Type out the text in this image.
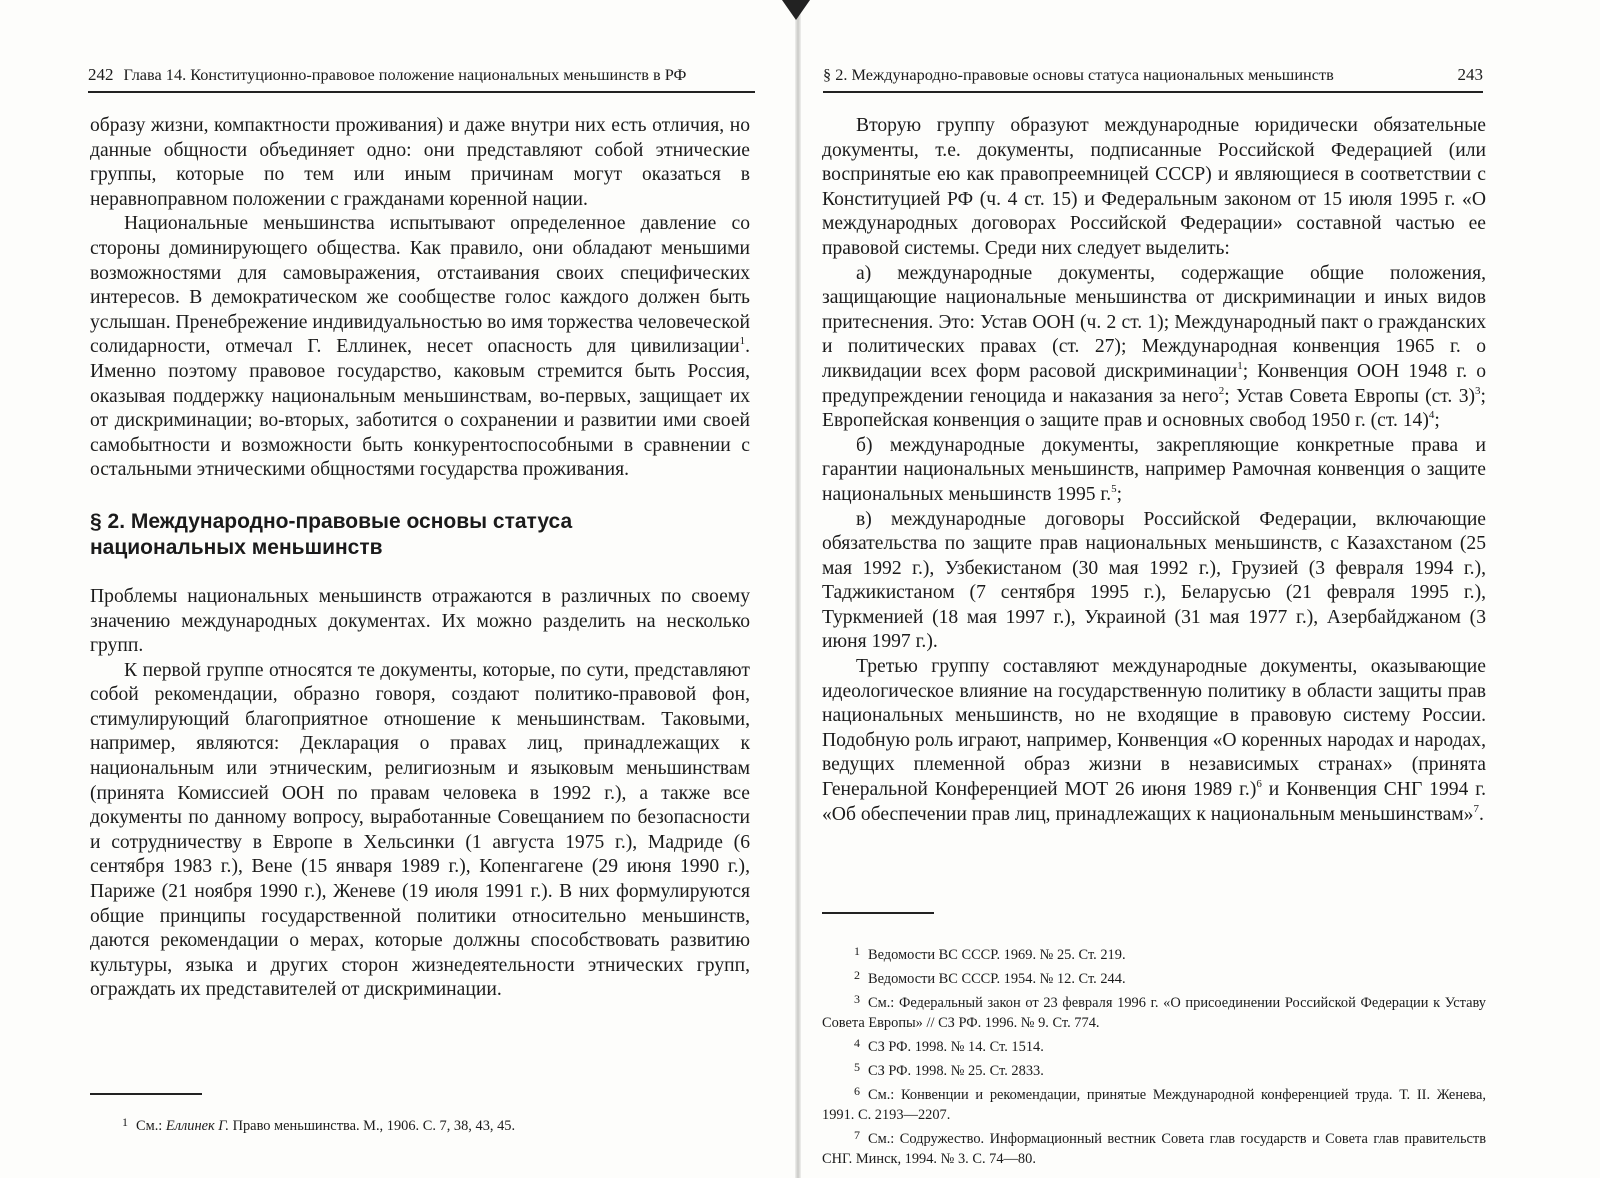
242 Глава 14. Конституционно-правовое положение национальных меньшинств в РФ

образу жизни, компактности проживания) и даже внутри них есть отличия, но данные общности объединяет одно: они представляют собой этнические группы, которые по тем или иным причинам могут оказаться в неравноправном положении с гражданами коренной нации.

Национальные меньшинства испытывают определенное давление со стороны доминирующего общества. Как правило, они обладают меньшими возможностями для самовыражения, отстаивания своих специфических интересов. В демократическом же сообществе голос каждого должен быть услышан. Пренебрежение индивидуальностью во имя торжества человеческой солидарности, отмечал Г. Еллинек, несет опасность для цивилизации$^1$. Именно поэтому правовое государство, каковым стремится быть Россия, оказывая поддержку национальным меньшинствам, во-первых, защищает их от дискриминации; во-вторых, заботится о сохранении и развитии ими своей самобытности и возможности быть конкурентоспособными в сравнении с остальными этническими общностями государства проживания.

§ 2. Международно-правовые основы статуса
национальных меньшинств

Проблемы национальных меньшинств отражаются в различных по своему значению международных документах. Их можно разделить на несколько групп.

К первой группе относятся те документы, которые, по сути, представляют собой рекомендации, образно говоря, создают политико-правовой фон, стимулирующий благоприятное отношение к меньшинствам. Таковыми, например, являются: Декларация о правах лиц, принадлежащих к национальным или этническим, религиозным и языковым меньшинствам (принята Комиссией ООН по правам человека в 1992 г.), а также все документы по данному вопросу, выработанные Совещанием по безопасности и сотрудничеству в Европе в Хельсинки (1 августа 1975 г.), Мадриде (6 сентября 1983 г.), Вене (15 января 1989 г.), Копенгагене (29 июня 1990 г.), Париже (21 ноября 1990 г.), Женеве (19 июля 1991 г.). В них формулируются общие принципы государственной политики относительно меньшинств, даются рекомендации о мерах, которые должны способствовать развитию культуры, языка и других сторон жизнедеятельности этнических групп, ограждать их представителей от дискриминации.

$^1$ См.: Еллинек Г. Право меньшинства. М., 1906. С. 7, 38, 43, 45.

§ 2. Международно-правовые основы статуса национальных меньшинств	243

Вторую группу образуют международные юридически обязательные документы, т.е. документы, подписанные Российской Федерацией (или воспринятые ею как правопреемницей СССР) и являющиеся в соответствии с Конституцией РФ (ч. 4 ст. 15) и Федеральным законом от 15 июля 1995 г. «О международных договорах Российской Федерации» составной частью ее правовой системы. Среди них следует выделить:

а) международные документы, содержащие общие положения, защищающие национальные меньшинства от дискриминации и иных видов притеснения. Это: Устав ООН (ч. 2 ст. 1); Международный пакт о гражданских и политических правах (ст. 27); Международная конвенция 1965 г. о ликвидации всех форм расовой дискриминации$^1$; Конвенция ООН 1948 г. о предупреждении геноцида и наказания за него$^2$; Устав Совета Европы (ст. 3)$^3$; Европейская конвенция о защите прав и основных свобод 1950 г. (ст. 14)$^4$;

б) международные документы, закрепляющие конкретные права и гарантии национальных меньшинств, например Рамочная конвенция о защите национальных меньшинств 1995 г.$^5$;

в) международные договоры Российской Федерации, включающие обязательства по защите прав национальных меньшинств, с Казахстаном (25 мая 1992 г.), Узбекистаном (30 мая 1992 г.), Грузией (3 февраля 1994 г.), Таджикистаном (7 сентября 1995 г.), Беларусью (21 февраля 1995 г.), Туркменией (18 мая 1997 г.), Украиной (31 мая 1977 г.), Азербайджаном (3 июня 1997 г.).

Третью группу составляют международные документы, оказывающие идеологическое влияние на государственную политику в области защиты прав национальных меньшинств, но не входящие в правовую систему России. Подобную роль играют, например, Конвенция «О коренных народах и народах, ведущих племенной образ жизни в независимых странах» (принята Генеральной Конференцией МОТ 26 июня 1989 г.)$^6$ и Конвенция СНГ 1994 г. «Об обеспечении прав лиц, принадлежащих к национальным меньшинствам»$^7$.

$^1$ Ведомости ВС СССР. 1969. № 25. Ст. 219.

$^2$ Ведомости ВС СССР. 1954. № 12. Ст. 244.

$^3$ См.: Федеральный закон от 23 февраля 1996 г. «О присоединении Российской Федерации к Уставу Совета Европы» // СЗ РФ. 1996. № 9. Ст. 774.

$^4$ СЗ РФ. 1998. № 14. Ст. 1514.

$^5$ СЗ РФ. 1998. № 25. Ст. 2833.

$^6$ См.: Конвенции и рекомендации, принятые Международной конференцией труда. Т. II. Женева, 1991. С. 2193—2207.

$^7$ См.: Содружество. Информационный вестник Совета глав государств и Совета глав правительств СНГ. Минск, 1994. № 3. С. 74—80.
